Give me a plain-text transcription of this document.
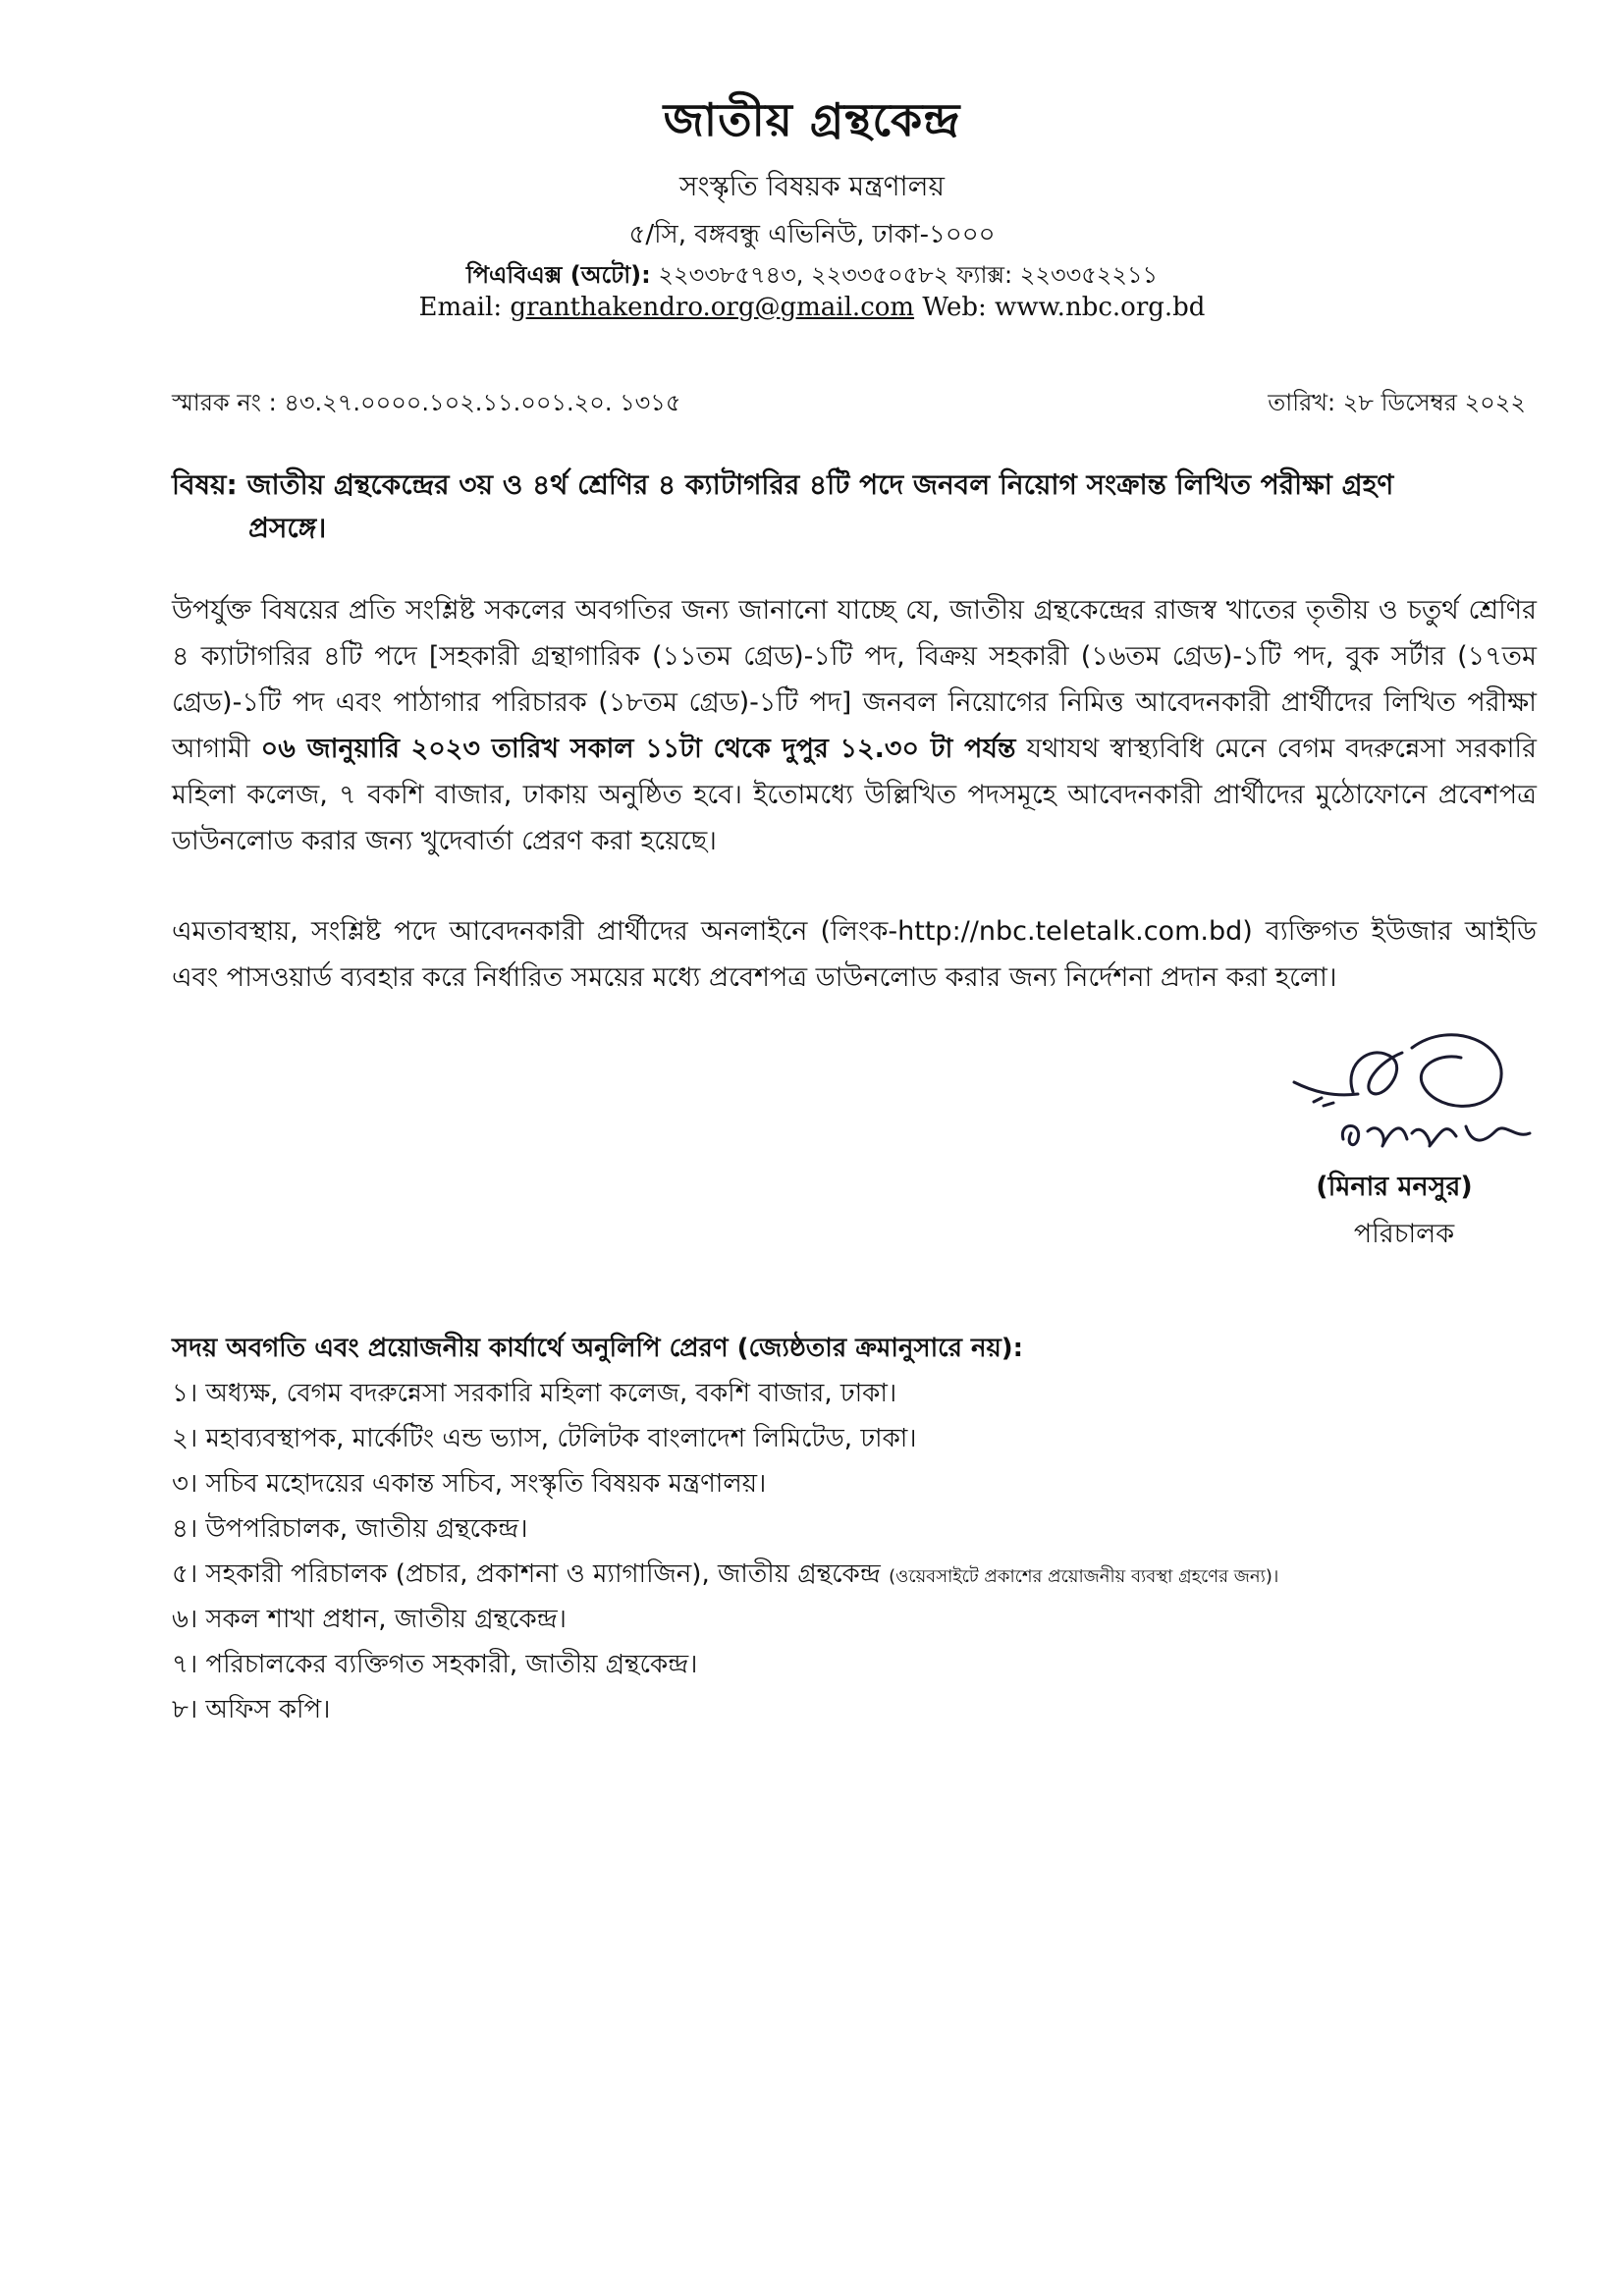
জাতীয় গ্রন্থকেন্দ্র
সংস্কৃতি বিষয়ক মন্ত্রণালয়
৫/সি, বঙ্গবন্ধু এভিনিউ, ঢাকা-১০০০
পিএবিএক্স (অটো): ২২৩৩৮৫৭৪৩, ২২৩৩৫০৫৮২ ফ্যাক্স: ২২৩৩৫২২১১
Email: granthakendro.org@gmail.com Web: www.nbc.org.bd
স্মারক নং : ৪৩.২৭.০০০০.১০২.১১.০০১.২০. ১৩১৫	তারিখ: ২৮ ডিসেম্বর ২০২২
বিষয়: জাতীয় গ্রন্থকেন্দ্রের ৩য় ও ৪র্থ শ্রেণির ৪ ক্যাটাগরির ৪টি পদে জনবল নিয়োগ সংক্রান্ত লিখিত পরীক্ষা গ্রহণ
প্রসঙ্গে।
উপর্যুক্ত বিষয়ের প্রতি সংশ্লিষ্ট সকলের অবগতির জন্য জানানো যাচ্ছে যে, জাতীয় গ্রন্থকেন্দ্রের রাজস্ব খাতের তৃতীয় ও চতুর্থ শ্রেণির ৪ ক্যাটাগরির ৪টি পদে [সহকারী গ্রন্থাগারিক (১১তম গ্রেড)-১টি পদ, বিক্রয় সহকারী (১৬তম গ্রেড)-১টি পদ, বুক সর্টার (১৭তম গ্রেড)-১টি পদ এবং পাঠাগার পরিচারক (১৮তম গ্রেড)-১টি পদ] জনবল নিয়োগের নিমিত্ত আবেদনকারী প্রার্থীদের লিখিত পরীক্ষা আগামী ০৬ জানুয়ারি ২০২৩ তারিখ সকাল ১১টা থেকে দুপুর ১২.৩০ টা পর্যন্ত যথাযথ স্বাস্থ্যবিধি মেনে বেগম বদরুন্নেসা সরকারি মহিলা কলেজ, ৭ বকশি বাজার, ঢাকায় অনুষ্ঠিত হবে। ইতোমধ্যে উল্লিখিত পদসমূহে আবেদনকারী প্রার্থীদের মুঠোফোনে প্রবেশপত্র ডাউনলোড করার জন্য খুদেবার্তা প্রেরণ করা হয়েছে।
এমতাবস্থায়, সংশ্লিষ্ট পদে আবেদনকারী প্রার্থীদের অনলাইনে (লিংক-http://nbc.teletalk.com.bd) ব্যক্তিগত ইউজার আইডি এবং পাসওয়ার্ড ব্যবহার করে নির্ধারিত সময়ের মধ্যে প্রবেশপত্র ডাউনলোড করার জন্য নির্দেশনা প্রদান করা হলো।
(মিনার মনসুর)
পরিচালক
সদয় অবগতি এবং প্রয়োজনীয় কার্যার্থে অনুলিপি প্রেরণ (জ্যেষ্ঠতার ক্রমানুসারে নয়):
১। অধ্যক্ষ, বেগম বদরুন্নেসা সরকারি মহিলা কলেজ, বকশি বাজার, ঢাকা।
২। মহাব্যবস্থাপক, মার্কেটিং এন্ড ভ্যাস, টেলিটক বাংলাদেশ লিমিটেড, ঢাকা।
৩। সচিব মহোদয়ের একান্ত সচিব, সংস্কৃতি বিষয়ক মন্ত্রণালয়।
৪। উপপরিচালক, জাতীয় গ্রন্থকেন্দ্র।
৫। সহকারী পরিচালক (প্রচার, প্রকাশনা ও ম্যাগাজিন), জাতীয় গ্রন্থকেন্দ্র (ওয়েবসাইটে প্রকাশের প্রয়োজনীয় ব্যবস্থা গ্রহণের জন্য)।
৬। সকল শাখা প্রধান, জাতীয় গ্রন্থকেন্দ্র।
৭। পরিচালকের ব্যক্তিগত সহকারী, জাতীয় গ্রন্থকেন্দ্র।
৮। অফিস কপি।
